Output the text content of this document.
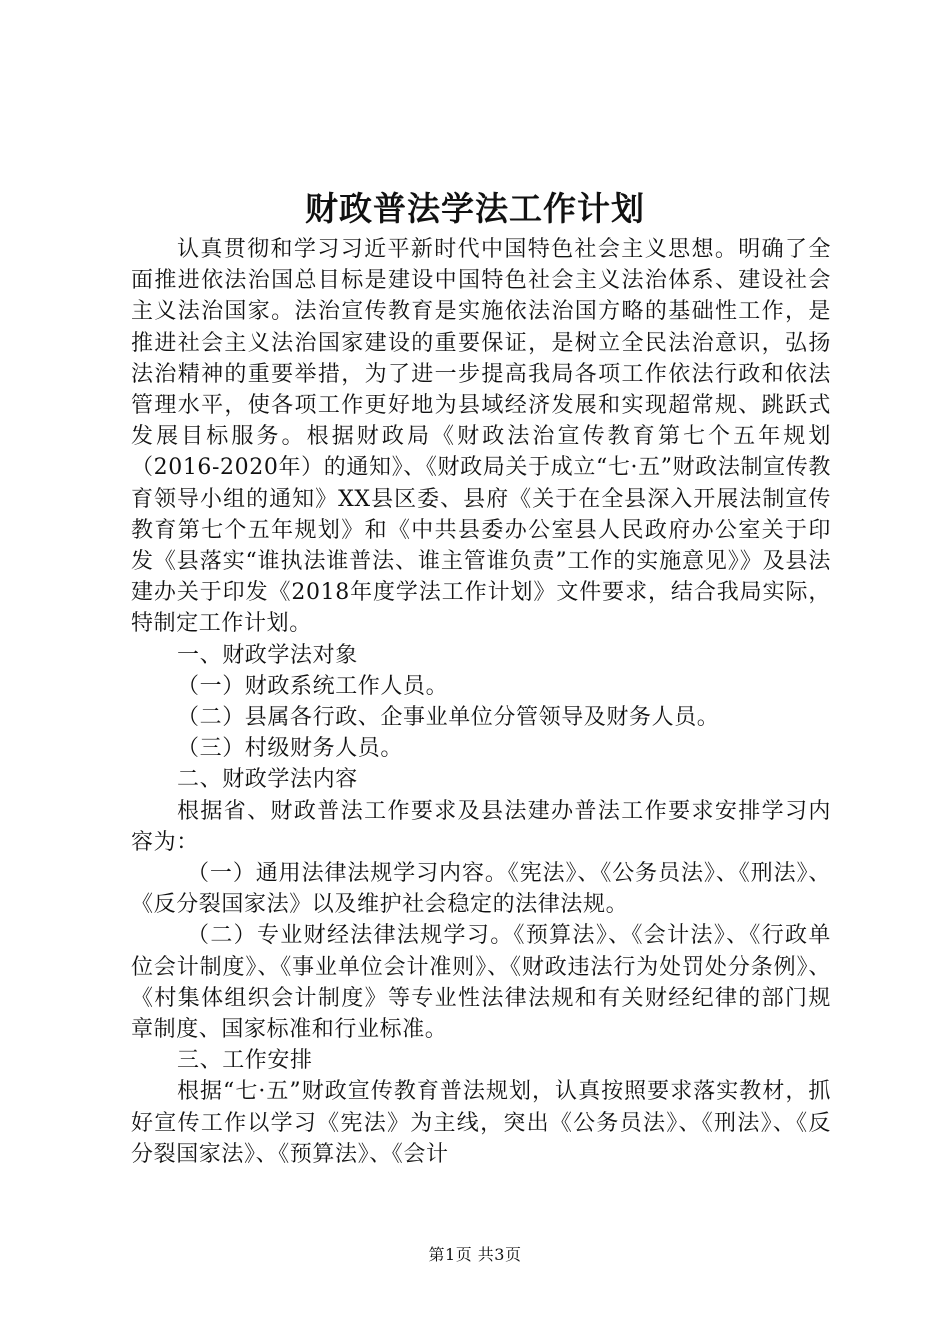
财政普法学法工作计划

认真贯彻和学习习近平新时代中国特色社会主义思想。明确了全面推进依法治国总目标是建设中国特色社会主义法治体系、建设社会主义法治国家。法治宣传教育是实施依法治国方略的基础性工作，是推进社会主义法治国家建设的重要保证，是树立全民法治意识，弘扬法治精神的重要举措，为了进一步提高我局各项工作依法行政和依法管理水平，使各项工作更好地为县域经济发展和实现超常规、跳跃式发展目标服务。根据财政局《财政法治宣传教育第七个五年规划（2016-2020年）的通知》、《财政局关于成立“七·五”财政法制宣传教育领导小组的通知》XX县区委、县府《关于在全县深入开展法制宣传教育第七个五年规划》和《中共县委办公室县人民政府办公室关于印发《县落实“谁执法谁普法、谁主管谁负责”工作的实施意见》》及县法建办关于印发《2018年度学法工作计划》文件要求，结合我局实际，特制定工作计划。

一、财政学法对象

（一）财政系统工作人员。

（二）县属各行政、企事业单位分管领导及财务人员。

（三）村级财务人员。

二、财政学法内容

根据省、财政普法工作要求及县法建办普法工作要求安排学习内容为：

（一）通用法律法规学习内容。《宪法》、《公务员法》、《刑法》、《反分裂国家法》以及维护社会稳定的法律法规。

（二）专业财经法律法规学习。《预算法》、《会计法》、《行政单位会计制度》、《事业单位会计准则》、《财政违法行为处罚处分条例》、《村集体组织会计制度》等专业性法律法规和有关财经纪律的部门规章制度、国家标准和行业标准。

三、工作安排

根据“七·五”财政宣传教育普法规划，认真按照要求落实教材，抓好宣传工作以学习《宪法》为主线，突出《公务员法》、《刑法》、《反分裂国家法》、《预算法》、《会计

第1页 共3页
